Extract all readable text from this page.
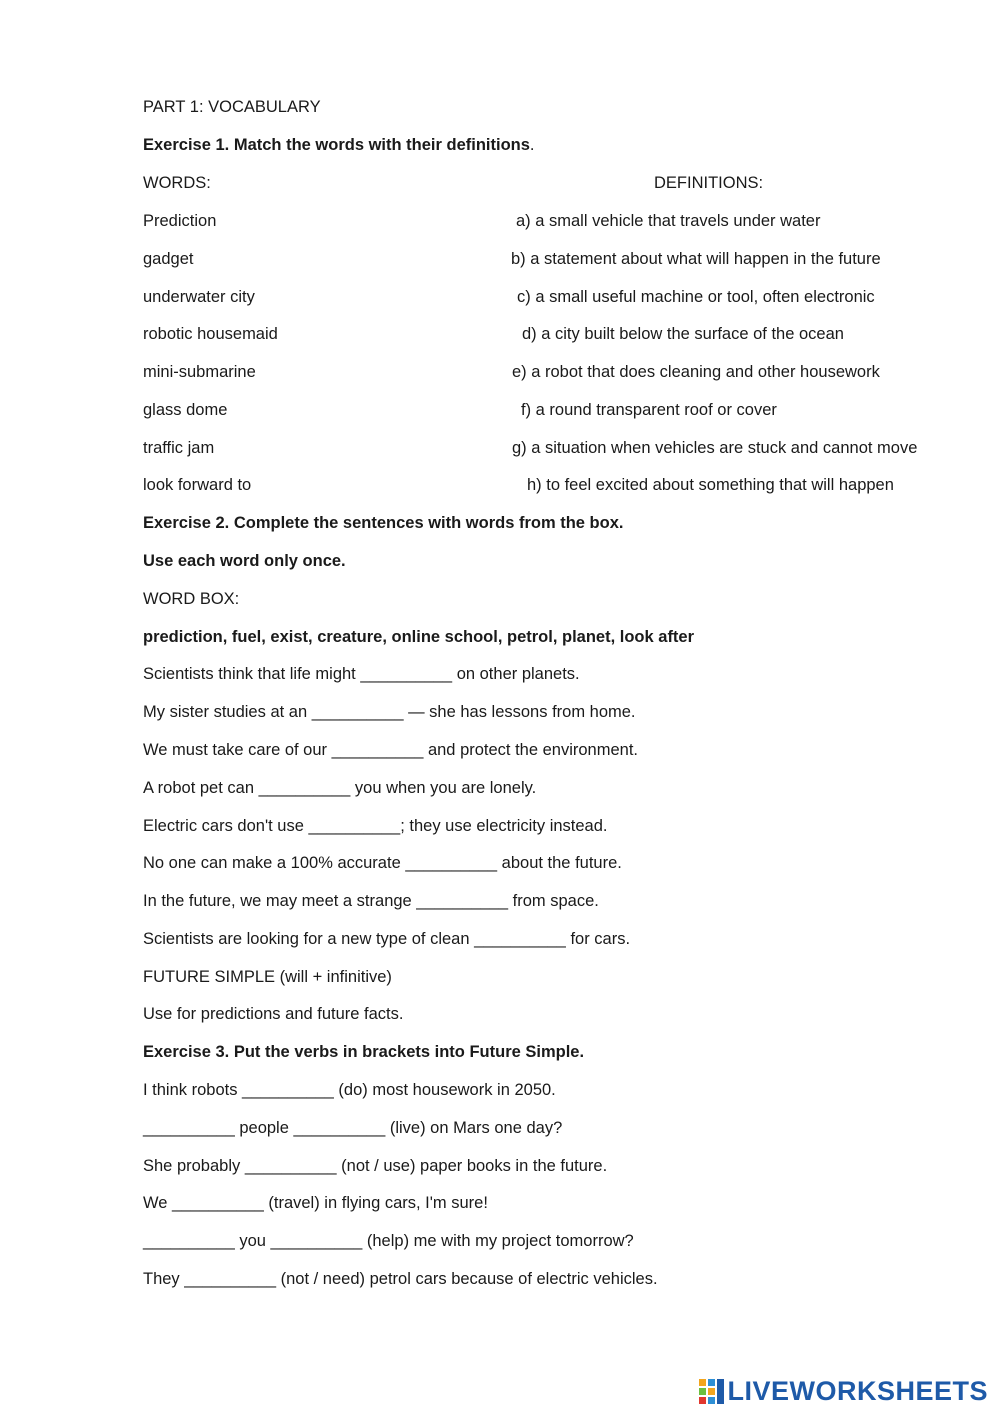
PART 1: VOCABULARY
Exercise 1. Match the words with their definitions.
WORDS:	DEFINITIONS:
Prediction
gadget
underwater city
robotic housemaid
mini-submarine
glass dome
traffic jam
look forward to
a) a small vehicle that travels under water
b) a statement about what will happen in the future
c) a small useful machine or tool, often electronic
d) a city built below the surface of the ocean
e) a robot that does cleaning and other housework
f) a round transparent roof or cover
g) a situation when vehicles are stuck and cannot move
h) to feel excited about something that will happen
Exercise 2. Complete the sentences with words from the box.
Use each word only once.
WORD BOX:
prediction, fuel, exist, creature, online school, petrol, planet, look after
Scientists think that life might __________ on other planets.
My sister studies at an __________ — she has lessons from home.
We must take care of our __________ and protect the environment.
A robot pet can __________ you when you are lonely.
Electric cars don't use __________; they use electricity instead.
No one can make a 100% accurate __________ about the future.
In the future, we may meet a strange __________ from space.
Scientists are looking for a new type of clean __________ for cars.
FUTURE SIMPLE (will + infinitive)
Use for predictions and future facts.
Exercise 3. Put the verbs in brackets into Future Simple.
I think robots __________ (do) most housework in 2050.
__________ people __________ (live) on Mars one day?
She probably __________ (not / use) paper books in the future.
We __________ (travel) in flying cars, I'm sure!
__________ you __________ (help) me with my project tomorrow?
They __________ (not / need) petrol cars because of electric vehicles.
LIVEWORKSHEETS
